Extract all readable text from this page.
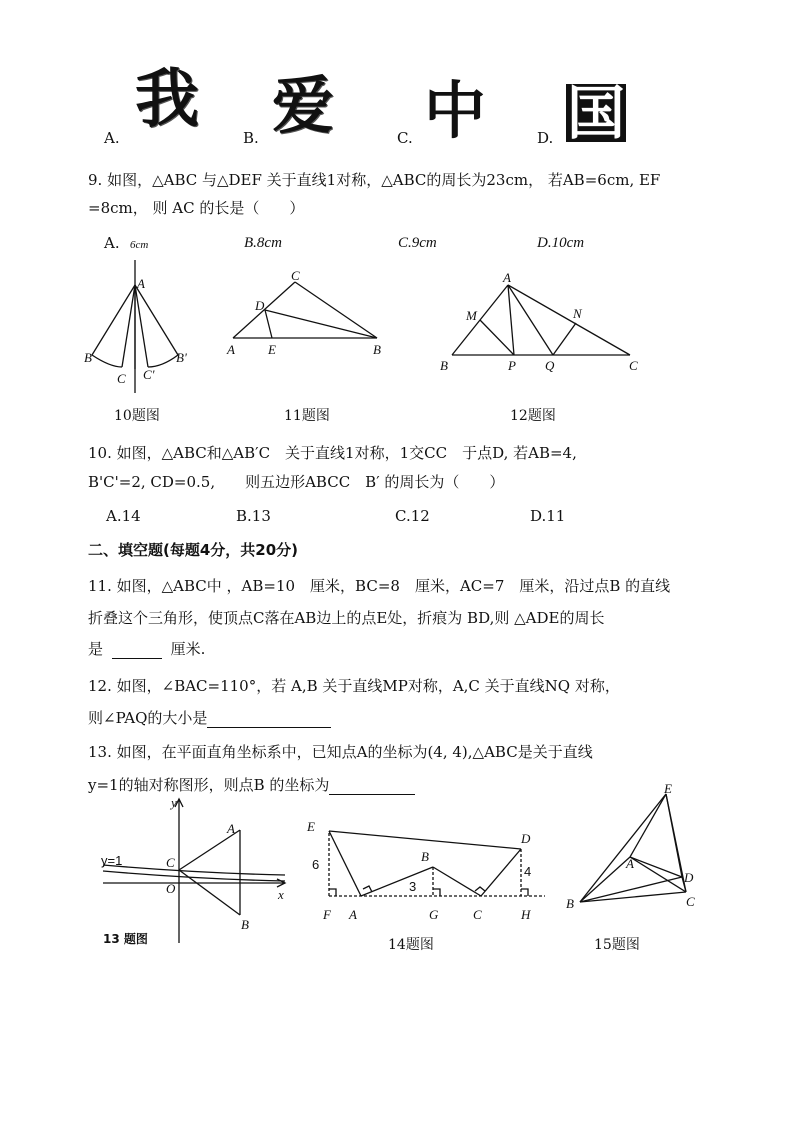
A.
我
B. 爱	C. 中	D. 国
9. 如图，△ABC 与△DEF 关于直线1对称，△ABC的周长为23cm， 若AB=6cm, EF
=8cm， 则 AC 的长是（　　）
A. 6cm	B.8cm	C.9cm	D.10cm
A
B
C C'
B'
10题图
C
D
A	E	B
11题图
A
M	N
B	P Q	C
12题图
10. 如图，△ABC和△AB′C　关于直线1对称，1交CC　于点D, 若AB=4,
B'C'=2, CD=0.5,　　则五边形ABCC　B′ 的周长为（　　）
A.14	B.13	C.12	D.11
二、填空题(每题4分，共20分)
11. 如图，△ABC中 ，AB=10　厘米，BC=8　厘米，AC=7　厘米，沿过点B 的直线
折叠这个三角形，使顶点C落在AB边上的点E处，折痕为 BD,则 △ADE的周长
是	厘米.
12. 如图，∠BAC=110°，若 A,B 关于直线MP对称，A,C 关于直线NQ 对称，
则∠PAQ的大小是
13. 如图，在平面直角坐标系中，已知点A的坐标为(4, 4),△ABC是关于直线
y=1的轴对称图形，则点B 的坐标为
y
A
y=1	C
O	x
B
13 题图
E
D
B
6
3
4
F A	G	C	H
14题图
E
A
D
B	C
15题图
